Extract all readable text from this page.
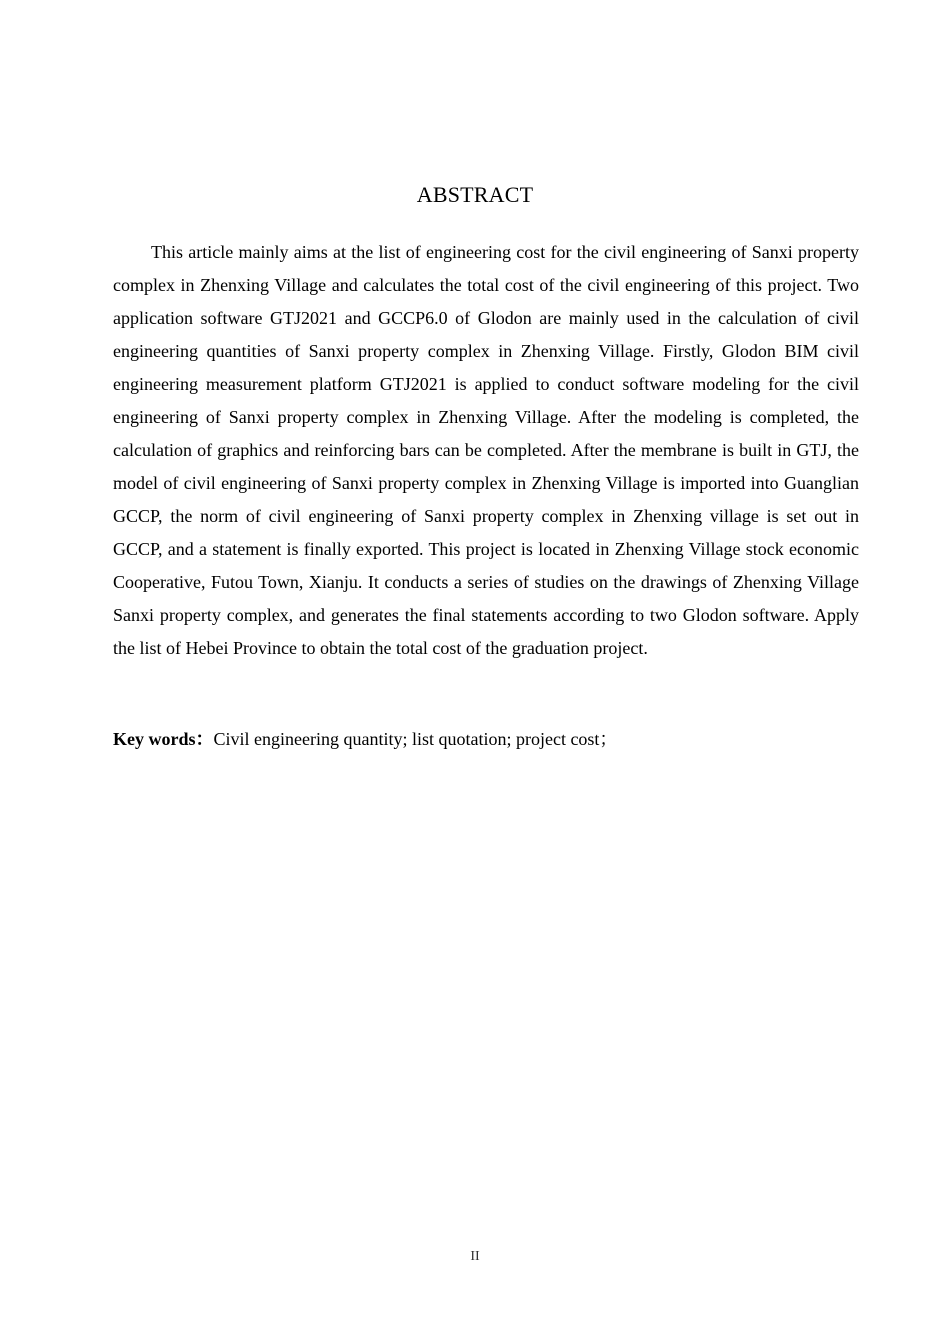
ABSTRACT

This article mainly aims at the list of engineering cost for the civil engineering of Sanxi property complex in Zhenxing Village and calculates the total cost of the civil engineering of this project. Two application software GTJ2021 and GCCP6.0 of Glodon are mainly used in the calculation of civil engineering quantities of Sanxi property complex in Zhenxing Village. Firstly, Glodon BIM civil engineering measurement platform GTJ2021 is applied to conduct software modeling for the civil engineering of Sanxi property complex in Zhenxing Village. After the modeling is completed, the calculation of graphics and reinforcing bars can be completed. After the membrane is built in GTJ, the model of civil engineering of Sanxi property complex in Zhenxing Village is imported into Guanglian GCCP, the norm of civil engineering of Sanxi property complex in Zhenxing village is set out in GCCP, and a statement is finally exported. This project is located in Zhenxing Village stock economic Cooperative, Futou Town, Xianju. It conducts a series of studies on the drawings of Zhenxing Village Sanxi property complex, and generates the final statements according to two Glodon software. Apply the list of Hebei Province to obtain the total cost of the graduation project.

Key words：Civil engineering quantity; list quotation; project cost；

II
